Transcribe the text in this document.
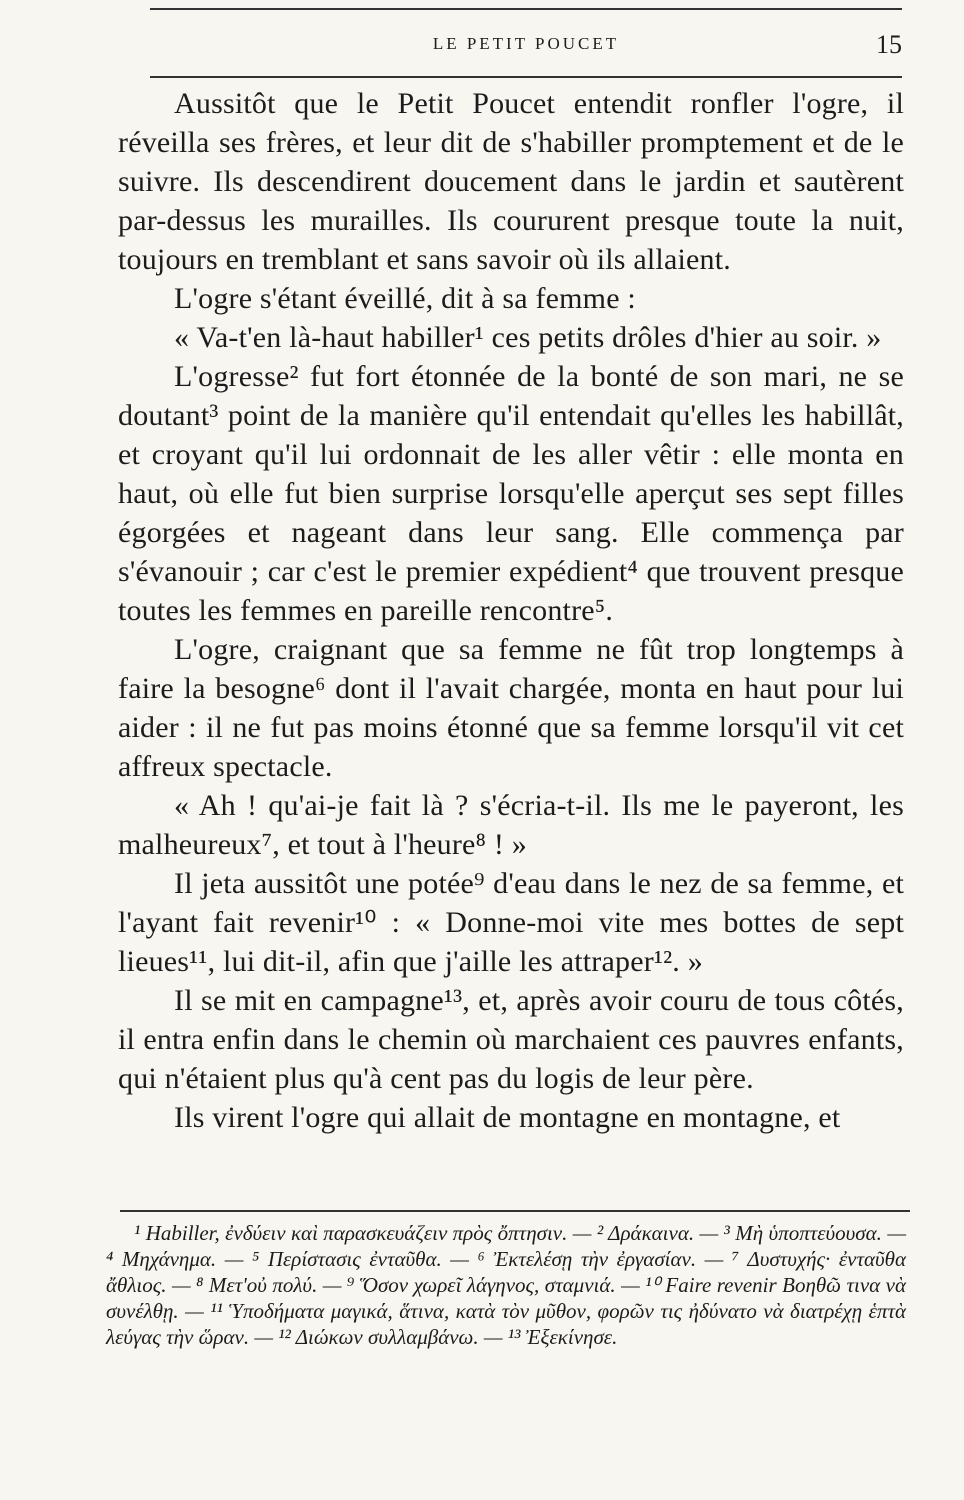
LE PETIT POUCET	15

Aussitôt que le Petit Poucet entendit ronfler l'ogre, il réveilla ses frères, et leur dit de s'habiller promptement et de le suivre. Ils descendirent doucement dans le jardin et sautèrent par-dessus les murailles. Ils coururent presque toute la nuit, toujours en tremblant et sans savoir où ils allaient.

L'ogre s'étant éveillé, dit à sa femme :

« Va-t'en là-haut habiller¹ ces petits drôles d'hier au soir. »

L'ogresse² fut fort étonnée de la bonté de son mari, ne se doutant³ point de la manière qu'il entendait qu'elles les habillât, et croyant qu'il lui ordonnait de les aller vêtir : elle monta en haut, où elle fut bien surprise lorsqu'elle aperçut ses sept filles égorgées et nageant dans leur sang. Elle commença par s'évanouir ; car c'est le premier expédient⁴ que trouvent presque toutes les femmes en pareille rencontre⁵.

L'ogre, craignant que sa femme ne fût trop longtemps à faire la besogne⁶ dont il l'avait chargée, monta en haut pour lui aider : il ne fut pas moins étonné que sa femme lorsqu'il vit cet affreux spectacle.

« Ah ! qu'ai-je fait là ? s'écria-t-il. Ils me le payeront, les malheureux⁷, et tout à l'heure⁸ ! »

Il jeta aussitôt une potée⁹ d'eau dans le nez de sa femme, et l'ayant fait revenir¹⁰ : « Donne-moi vite mes bottes de sept lieues¹¹, lui dit-il, afin que j'aille les attraper¹². »

Il se mit en campagne¹³, et, après avoir couru de tous côtés, il entra enfin dans le chemin où marchaient ces pauvres enfants, qui n'étaient plus qu'à cent pas du logis de leur père.

Ils virent l'ogre qui allait de montagne en montagne, et

¹ Habiller, ἐνδύειν καὶ παρασκευάζειν πρὸς ὄπτησιν. — ² Δράκαινα. — ³ Μὴ ὑποπτεύουσα. — ⁴ Μηχάνημα. — ⁵ Περίστασις ἐνταῦθα. — ⁶ Ἐκτελέσῃ τὴν ἐργασίαν. — ⁷ Δυστυχής· ἐνταῦθα ἄθλιος. — ⁸ Μετ'οὐ πολύ. — ⁹ Ὅσον χωρεῖ λάγηνος, σταμνιά. — ¹⁰ Faire revenir Βοηθῶ τινα νὰ συνέλθῃ. — ¹¹ Ὑποδήματα μαγικά, ἅτινα, κατὰ τὸν μῦθον, φορῶν τις ἠδύνατο νὰ διατρέχῃ ἑπτὰ λεύγας τὴν ὥραν. — ¹² Διώκων συλλαμβάνω. — ¹³ Ἐξεκίνησε.
